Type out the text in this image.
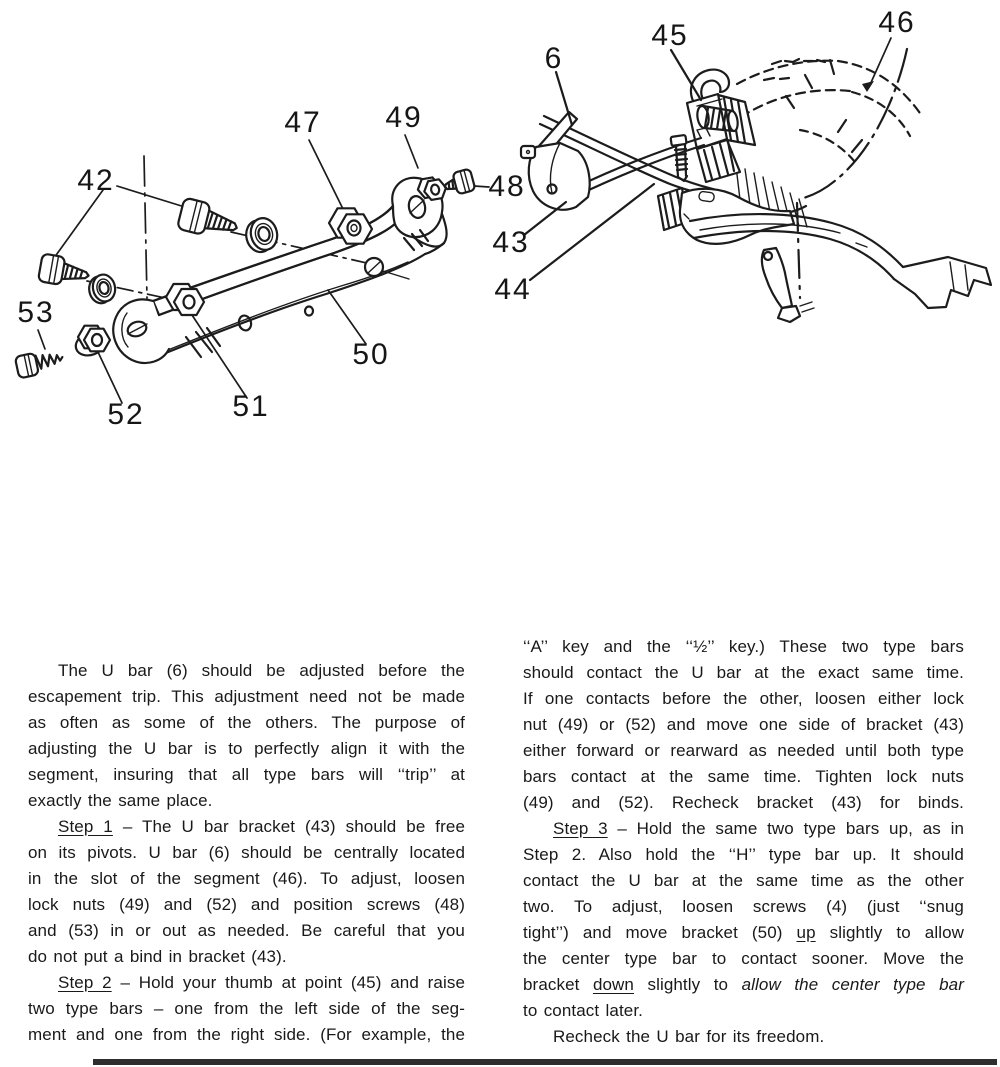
42
47 49
48
53
52	51
50
6
45	46
43
44
The U bar (6) should be adjusted before the
escapement trip. This adjustment need not be made
as often as some of the others. The purpose of
adjusting the U bar is to perfectly align it with the
segment, insuring that all type bars will ‘‘trip’’ at
exactly the same place.
Step 1 – The U bar bracket (43) should be free
on its pivots. U bar (6) should be centrally located
in the slot of the segment (46). To adjust, loosen
lock nuts (49) and (52) and position screws (48)
and (53) in or out as needed. Be careful that you
do not put a bind in bracket (43).
Step 2 – Hold your thumb at point (45) and raise
two type bars – one from the left side of the seg-
ment and one from the right side. (For example, the
‘‘A’’ key and the ‘‘½’’ key.) These two type bars
should contact the U bar at the exact same time.
If one contacts before the other, loosen either lock
nut (49) or (52) and move one side of bracket (43)
either forward or rearward as needed until both type
bars contact at the same time. Tighten lock nuts
(49) and (52). Recheck bracket (43) for binds.
Step 3 – Hold the same two type bars up, as in
Step 2. Also hold the ‘‘H’’ type bar up. It should
contact the U bar at the same time as the other
two. To adjust, loosen screws (4) (just ‘‘snug
tight’’) and move bracket (50) up slightly to allow
the center type bar to contact sooner. Move the
bracket down slightly to allow the center type bar
to contact later.
Recheck the U bar for its freedom.
